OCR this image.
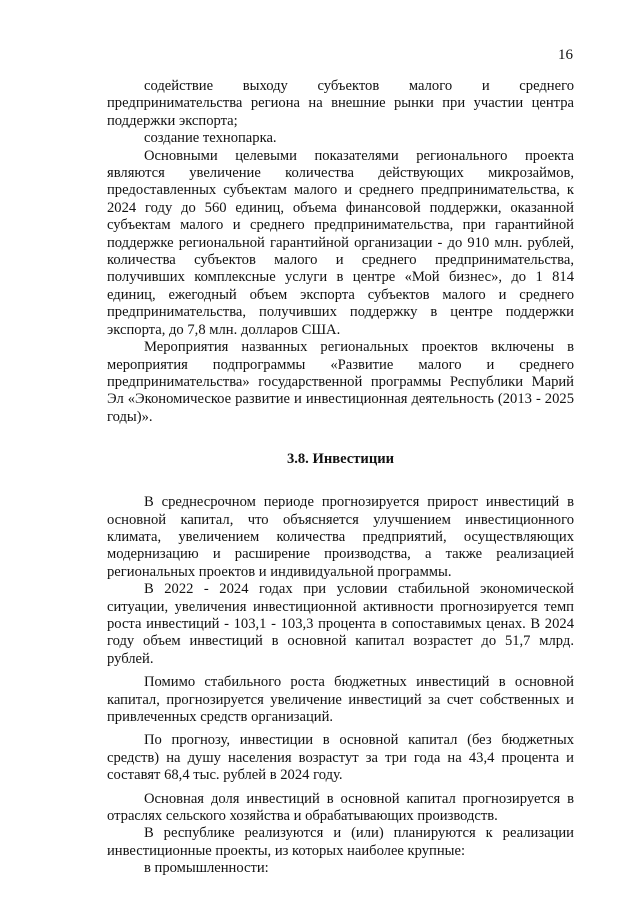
16

содействие выходу субъектов малого и среднего предпринимательства региона на внешние рынки при участии центра поддержки экспорта;

создание технопарка.

Основными целевыми показателями регионального проекта являются увеличение количества действующих микрозаймов, предоставленных субъектам малого и среднего предпринимательства, к 2024 году до 560 единиц, объема финансовой поддержки, оказанной субъектам малого и среднего предпринимательства, при гарантийной поддержке региональной гарантийной организации - до 910 млн. рублей, количества субъектов малого и среднего предпринимательства, получивших комплексные услуги в центре «Мой бизнес», до 1 814 единиц, ежегодный объем экспорта субъектов малого и среднего предпринимательства, получивших поддержку в центре поддержки экспорта, до 7,8 млн. долларов США.

Мероприятия названных региональных проектов включены в мероприятия подпрограммы «Развитие малого и среднего предпринимательства» государственной программы Республики Марий Эл «Экономическое развитие и инвестиционная деятельность (2013 - 2025 годы)».

3.8. Инвестиции

В среднесрочном периоде прогнозируется прирост инвестиций в основной капитал, что объясняется улучшением инвестиционного климата, увеличением количества предприятий, осуществляющих модернизацию и расширение производства, а также реализацией региональных проектов и индивидуальной программы.

В 2022 - 2024 годах при условии стабильной экономической ситуации, увеличения инвестиционной активности прогнозируется темп роста инвестиций - 103,1 - 103,3 процента в сопоставимых ценах. В 2024 году объем инвестиций в основной капитал возрастет до 51,7 млрд. рублей.

Помимо стабильного роста бюджетных инвестиций в основной капитал, прогнозируется увеличение инвестиций за счет собственных и привлеченных средств организаций.

По прогнозу, инвестиции в основной капитал (без бюджетных средств) на душу населения возрастут за три года на 43,4 процента и составят 68,4 тыс. рублей в 2024 году.

Основная доля инвестиций в основной капитал прогнозируется в отраслях сельского хозяйства и обрабатывающих производств.

В республике реализуются и (или) планируются к реализации инвестиционные проекты, из которых наиболее крупные:

в промышленности:
